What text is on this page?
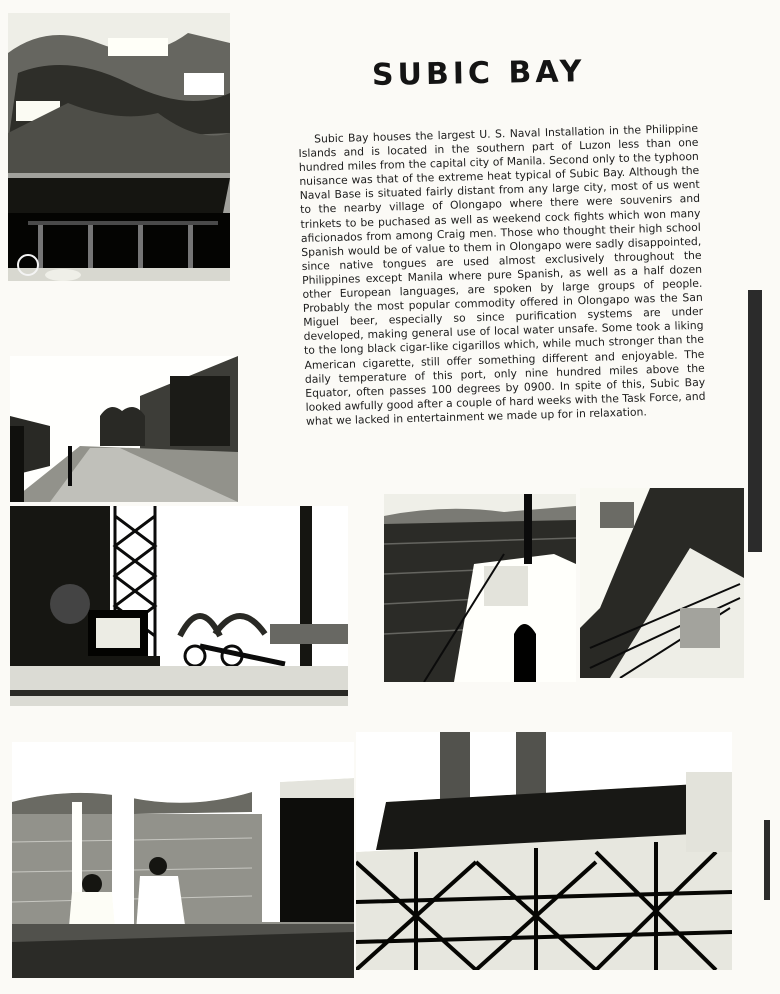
SUBIC BAY

Subic Bay houses the largest U. S. Naval Installation in the Philippine Islands and is located in the southern part of Luzon less than one hundred miles from the capital city of Manila. Second only to the typhoon nuisance was that of the extreme heat typical of Subic Bay. Although the Naval Base is situated fairly distant from any large city, most of us went to the nearby village of Olongapo where there were souvenirs and trinkets to be puchased as well as weekend cock fights which won many aficionados from among Craig men. Those who thought their high school Spanish would be of value to them in Olongapo were sadly disappointed, since native tongues are used almost exclusively throughout the Philippines except Manila where pure Spanish, as well as a half dozen other European languages, are spoken by large groups of people. Probably the most popular commodity offered in Olongapo was the San Miguel beer, especially so since purification systems are under developed, making general use of local water unsafe. Some took a liking to the long black cigar-like cigarillos which, while much stronger than the American cigarette, still offer something different and enjoyable. The daily temperature of this port, only nine hundred miles above the Equator, often passes 100 degrees by 0900. In spite of this, Subic Bay looked awfully good after a couple of hard weeks with the Task Force, and what we lacked in entertainment we made up for in relaxation.
